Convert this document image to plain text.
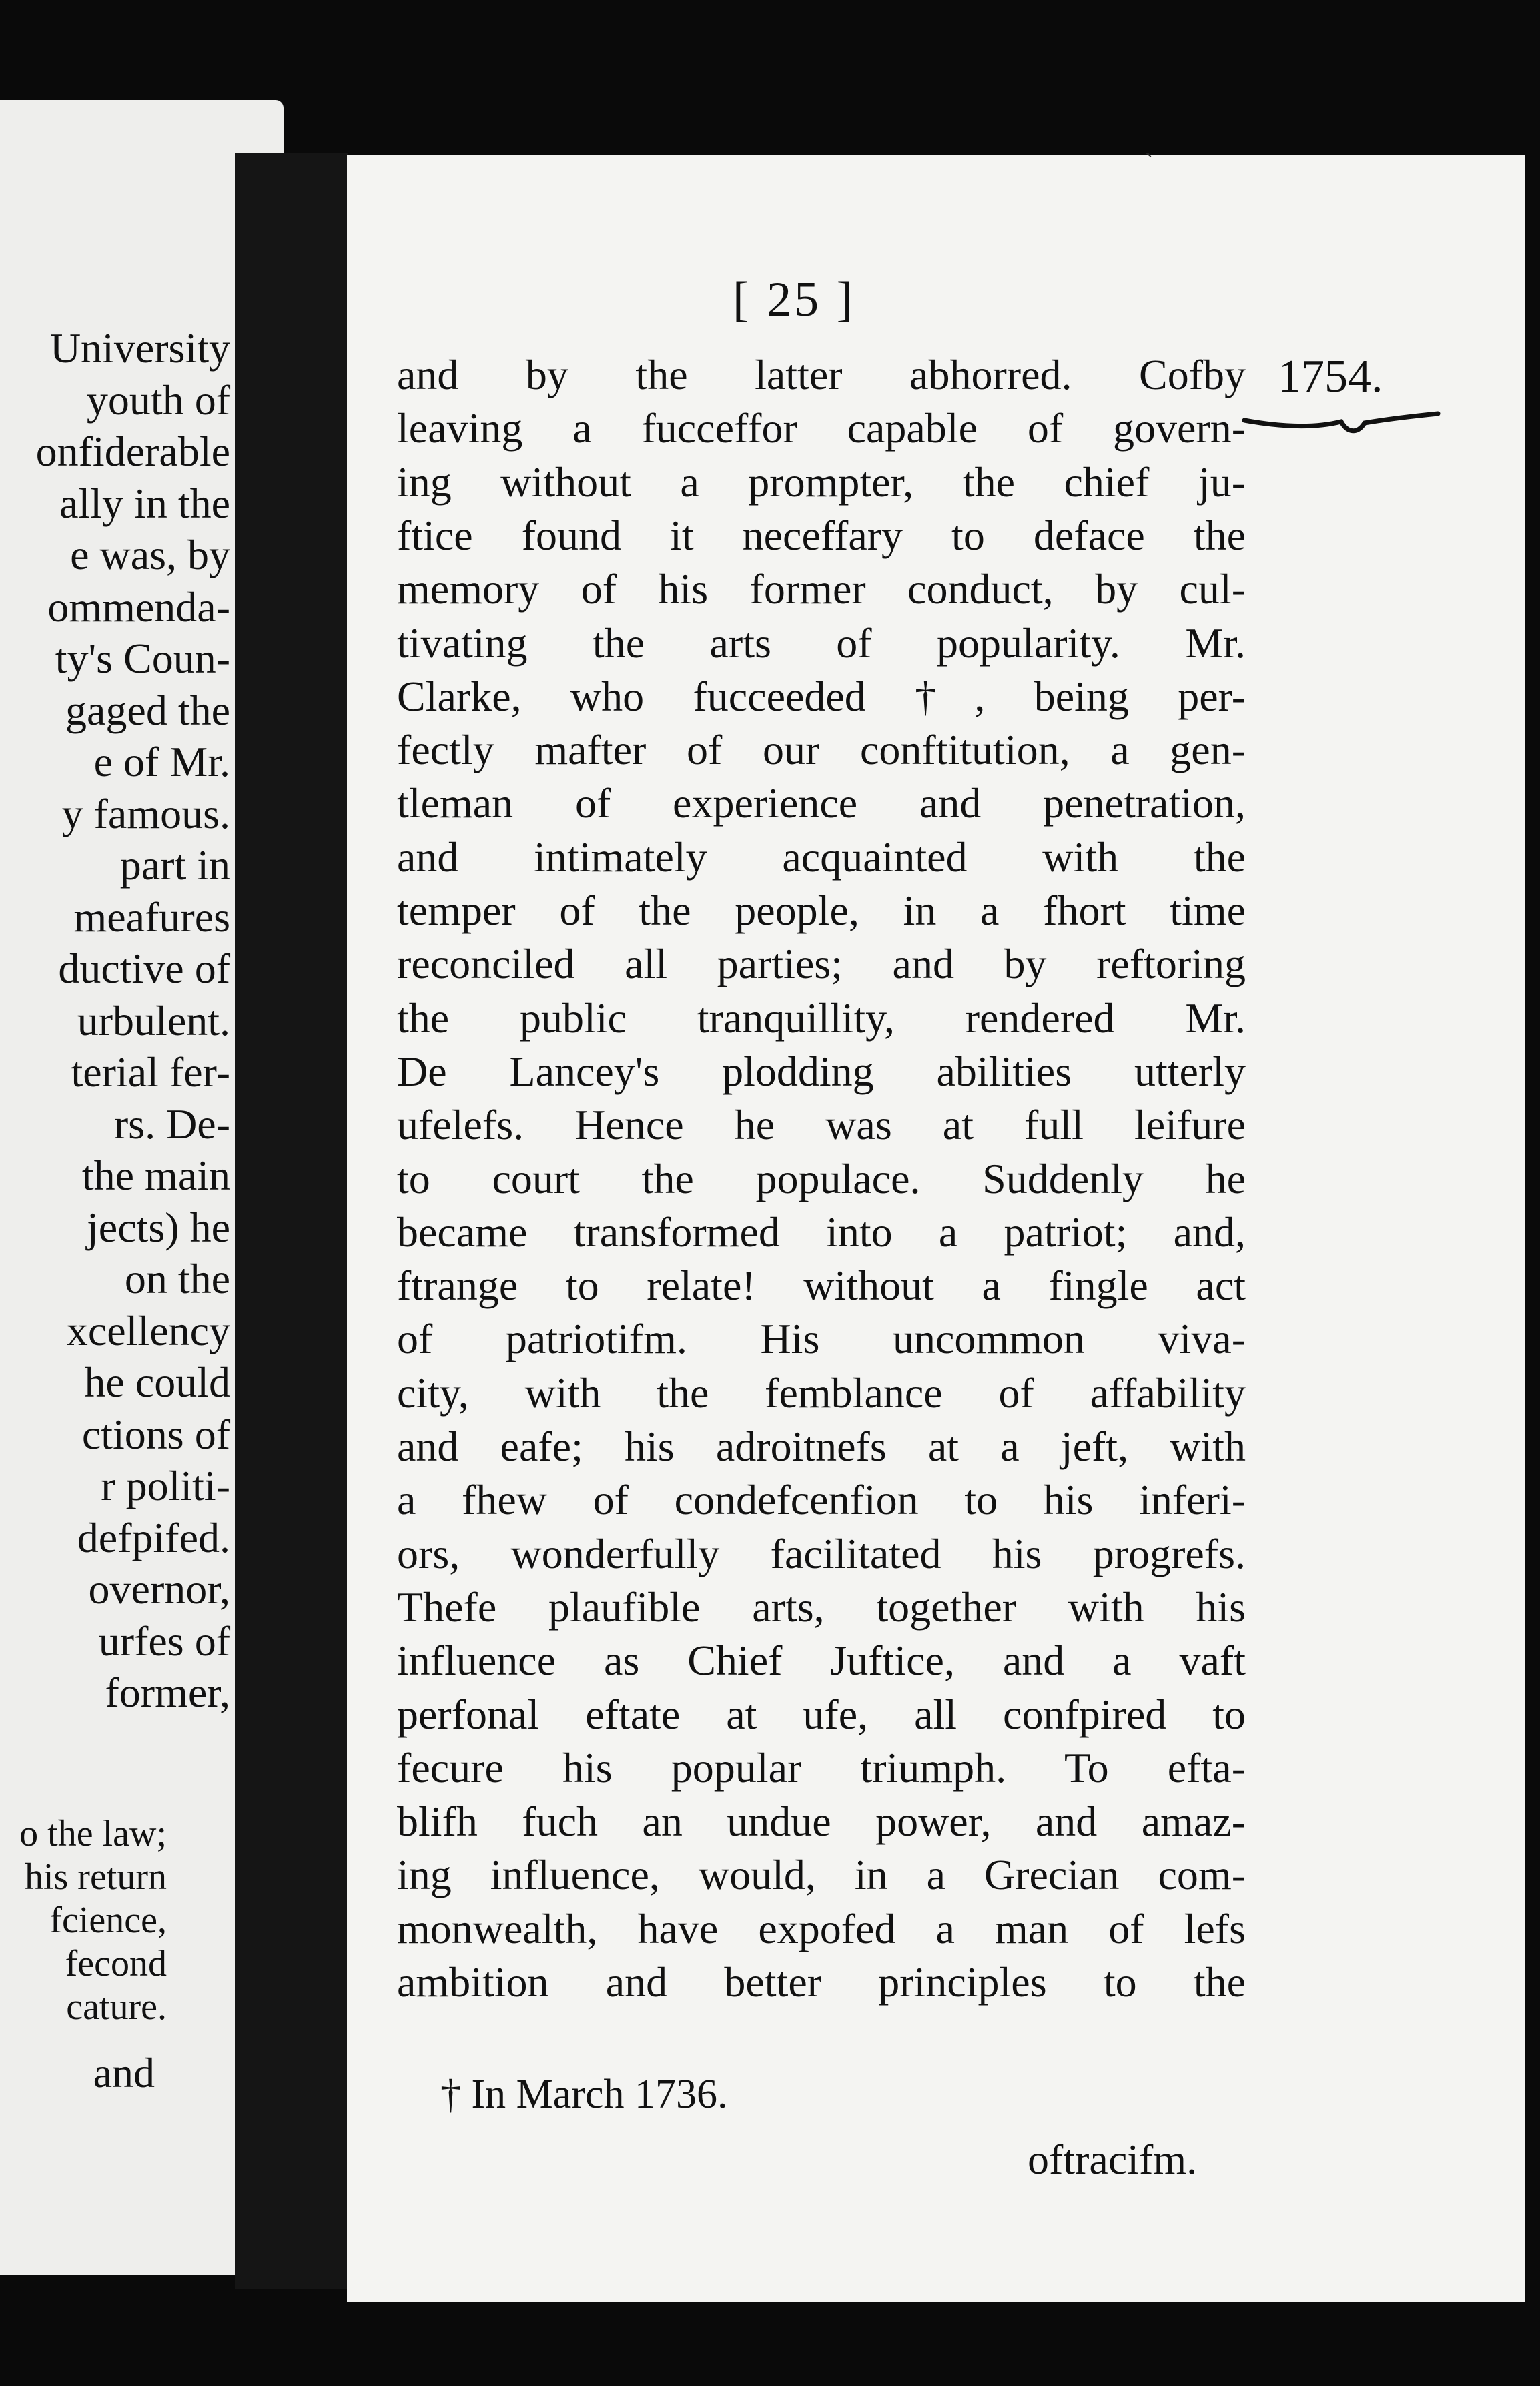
University
youth of
onfiderable
ally in the
e was, by
ommenda-
ty's Coun-
gaged the
e of Mr.
y famous.
part in
meafures
ductive of
urbulent.
terial fer-
rs. De-
the main
jects) he
on the
xcellency
he could
ctions of
r politi-
defpifed.
overnor,
urfes of
former,
o the law;
his return
fcience,
fecond
cature.
and
ˏ
[ 25 ]
1754.
and by the latter abhorred. Cofby
leaving a fucceffor capable of govern-
ing without a prompter, the chief ju-
ftice found it neceffary to deface the
memory of his former conduct, by cul-
tivating the arts of popularity. Mr.
Clarke, who fucceeded †, being per-
fectly mafter of our conftitution, a gen-
tleman of experience and penetration,
and intimately acquainted with the
temper of the people, in a fhort time
reconciled all parties; and by reftoring
the public tranquillity, rendered Mr.
De Lancey's plodding abilities utterly
ufelefs. Hence he was at full leifure
to court the populace. Suddenly he
became transformed into a patriot; and,
ftrange to relate! without a fingle act
of patriotifm. His uncommon viva-
city, with the femblance of affability
and eafe; his adroitnefs at a jeft, with
a fhew of condefcenfion to his inferi-
ors, wonderfully facilitated his progrefs.
Thefe plaufible arts, together with his
influence as Chief Juftice, and a vaft
perfonal eftate at ufe, all confpired to
fecure his popular triumph. To efta-
blifh fuch an undue power, and amaz-
ing influence, would, in a Grecian com-
monwealth, have expofed a man of lefs
ambition and better principles to the
† In March 1736.
oftracifm.
